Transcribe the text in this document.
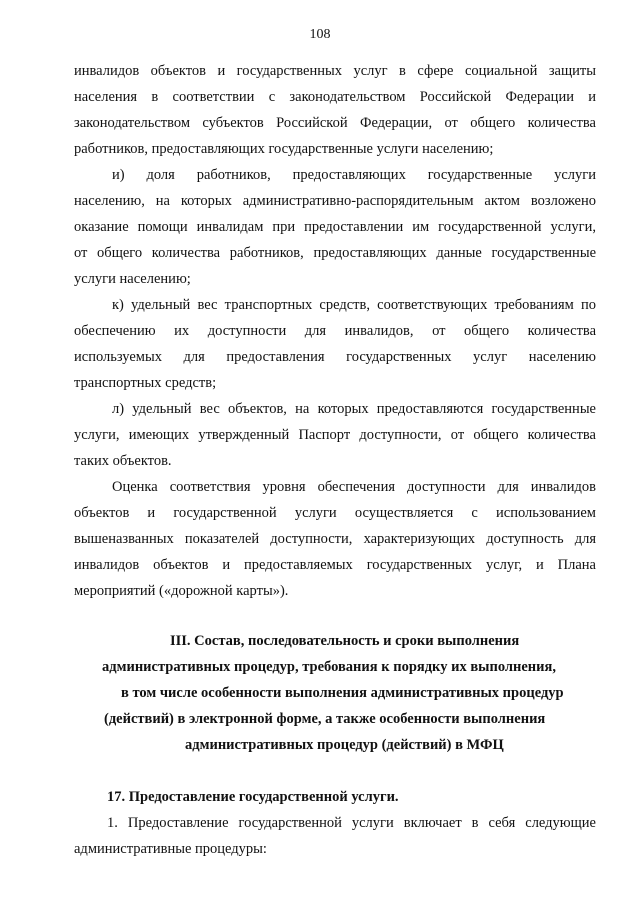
108
инвалидов объектов и государственных услуг в сфере социальной защиты
населения в соответствии с законодательством Российской Федерации и
законодательством субъектов Российской Федерации, от общего количества
работников, предоставляющих государственные услуги населению;
и) доля работников, предоставляющих государственные услуги
населению, на которых административно-распорядительным актом возложено
оказание помощи инвалидам при предоставлении им государственной услуги,
от общего количества работников, предоставляющих данные государственные
услуги населению;
к) удельный вес транспортных средств, соответствующих требованиям по
обеспечению их доступности для инвалидов, от общего количества
используемых для предоставления государственных услуг населению
транспортных средств;
л) удельный вес объектов, на которых предоставляются государственные
услуги, имеющих утвержденный Паспорт доступности, от общего количества
таких объектов.
Оценка соответствия уровня обеспечения доступности для инвалидов
объектов и государственной услуги осуществляется с использованием
вышеназванных показателей доступности, характеризующих доступность для
инвалидов объектов и предоставляемых государственных услуг, и Плана
мероприятий («дорожной карты»).
III. Состав, последовательность и сроки выполнения
административных процедур, требования к порядку их выполнения,
в том числе особенности выполнения административных процедур
(действий) в электронной форме, а также особенности выполнения
административных процедур (действий) в МФЦ
17. Предоставление государственной услуги.
1. Предоставление государственной услуги включает в себя следующие
административные процедуры:
